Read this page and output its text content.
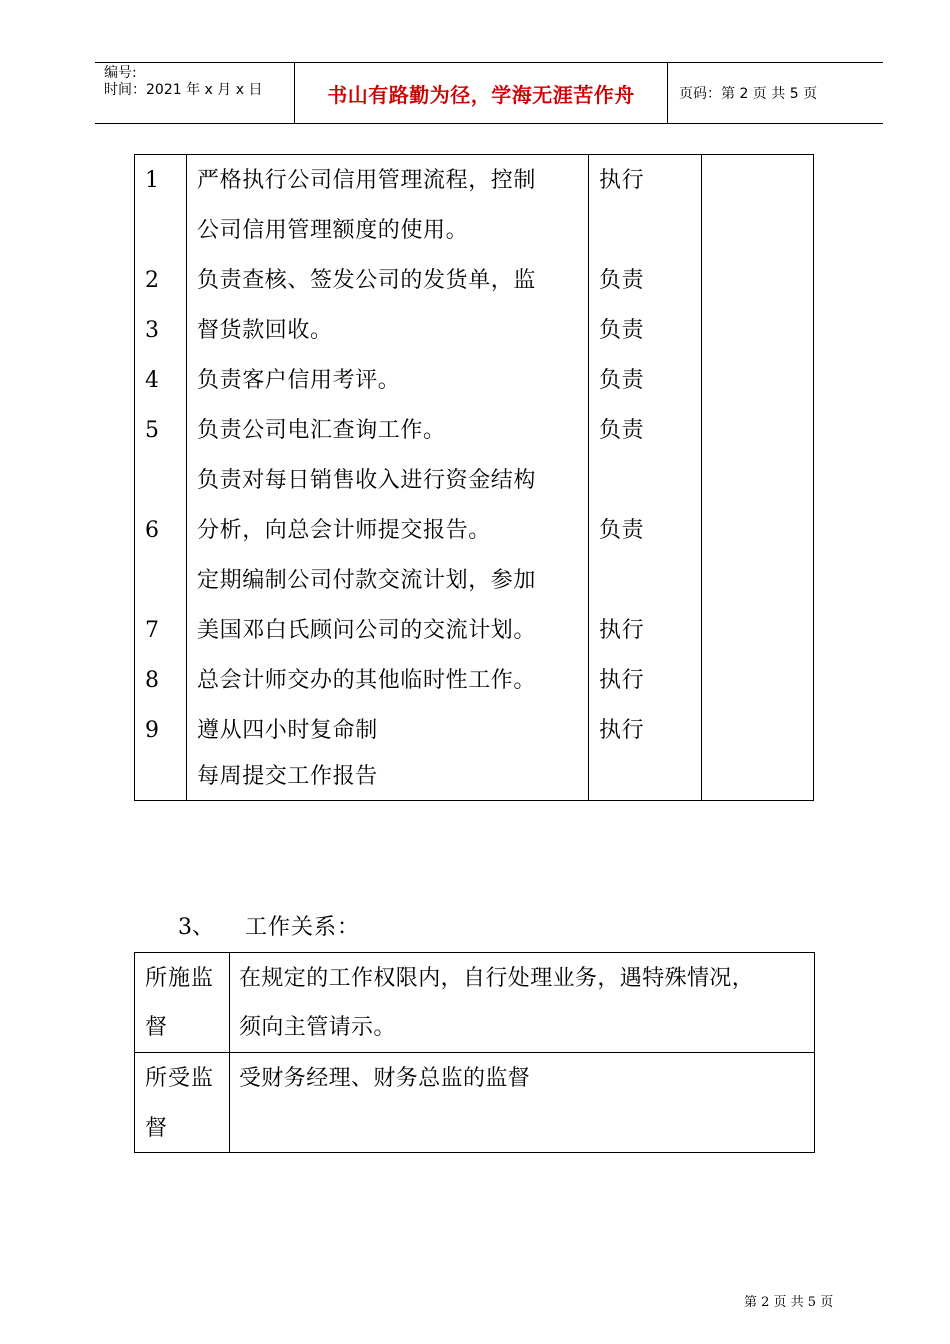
编号:
时间：2021 年 x 月 x 日	书山有路勤为径，学海无涯苦作舟	页码：第 2 页 共 5 页
1
2
3
4
5
6
7
8
9
严格执行公司信用管理流程，控制
公司信用管理额度的使用。
负责查核、签发公司的发货单，监
督货款回收。
负责客户信用考评。
负责公司电汇查询工作。
负责对每日销售收入进行资金结构
分析，向总会计师提交报告。
定期编制公司付款交流计划，参加
美国邓白氏顾问公司的交流计划。
总会计师交办的其他临时性工作。
遵从四小时复命制
每周提交工作报告
执行
负责
负责
负责
负责
负责
执行
执行
执行
3、 工作关系：
所施监
督
在规定的工作权限内，自行处理业务，遇特殊情况，
须向主管请示。
所受监
督
受财务经理、财务总监的监督
第 2 页 共 5 页
